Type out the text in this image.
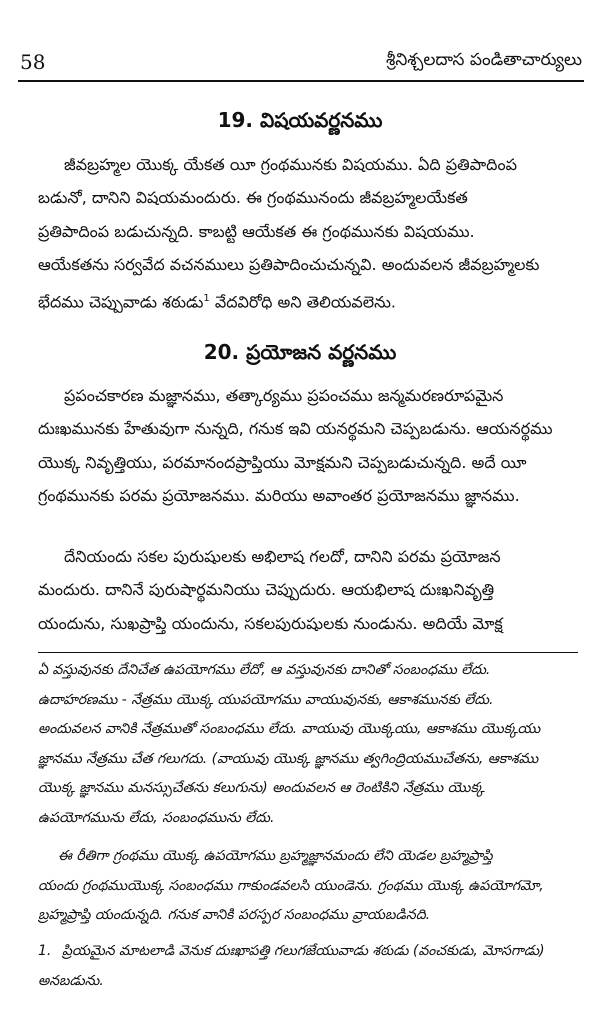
58	శ్రీనిశ్చలదాస పండితాచార్యులు
19. విషయవర్ణనము
జీవబ్రహ్మల యొక్క యేకత యీ గ్రంథమునకు విషయము. ఏది ప్రతిపాదింప
బడునో, దానిని విషయమందురు. ఈ గ్రంథమునందు జీవబ్రహ్మలయేకత
ప్రతిపాదింప బడుచున్నది. కాబట్టి ఆయేకత ఈ గ్రంథమునకు విషయము.
ఆయేకతను సర్వవేద వచనములు ప్రతిపాదించుచున్నవి. అందువలన జీవబ్రహ్మలకు
భేదము చెప్పువాడు శఠుడు$^1$ వేదవిరోధి అని తెలియవలెను.
20. ప్రయోజన వర్ణనము
ప్రపంచకారణ మజ్ఞానము, తత్కార్యము ప్రపంచము జన్మమరణరూపమైన
దుఃఖమునకు హేతువుగా నున్నది, గనుక ఇవి యనర్థమని చెప్పబడును. ఆయనర్థము
యొక్క నివృత్తియు, పరమానందప్రాప్తియు మోక్షమని చెప్పబడుచున్నది. అదే యీ
గ్రంథమునకు పరమ ప్రయోజనము. మరియు అవాంతర ప్రయోజనము జ్ఞానము.
దేనియందు సకల పురుషులకు అభిలాష గలదో, దానిని పరమ ప్రయోజన
మందురు. దానినే పురుషార్థమనియు చెప్పుదురు. ఆయభిలాష దుఃఖనివృత్తి
యందును, సుఖప్రాప్తి యందును, సకలపురుషులకు నుండును. అదియే మోక్ష
ఏ వస్తువునకు దేనిచేత ఉపయోగము లేదో, ఆ వస్తువునకు దానితో సంబంధము లేదు.
ఉదాహరణము - నేత్రము యొక్క యుపయోగము వాయువునకు, ఆకాశమునకు లేదు.
అందువలన వానికి నేత్రముతో సంబంధము లేదు. వాయువు యొక్కయు, ఆకాశము యొక్కయు
జ్ఞానము నేత్రము చేత గలుగదు. (వాయువు యొక్క జ్ఞానము త్వగింద్రియముచేతను, ఆకాశము
యొక్క జ్ఞానము మనస్సుచేతను కలుగును) అందువలన ఆ రెంటికిని నేత్రము యొక్క
ఉపయోగమును లేదు, సంబంధమును లేదు.
ఈ రీతిగా గ్రంథము యొక్క ఉపయోగము బ్రహ్మజ్ఞానమందు లేని యెడల బ్రహ్మప్రాప్తి
యందు గ్రంథముయొక్క సంబంధము గాకుండవలసి యుండెను. గ్రంథము యొక్క ఉపయోగమో,
బ్రహ్మప్రాప్తి యందున్నది. గనుక వానికి పరస్పర సంబంధము వ్రాయబడినది.
1. ప్రియమైన మాటలాడి వెనుక దుఃఖాపత్తి గలుగజేయువాడు శఠుడు (వంచకుడు, మోసగాడు)
అనబడును.
